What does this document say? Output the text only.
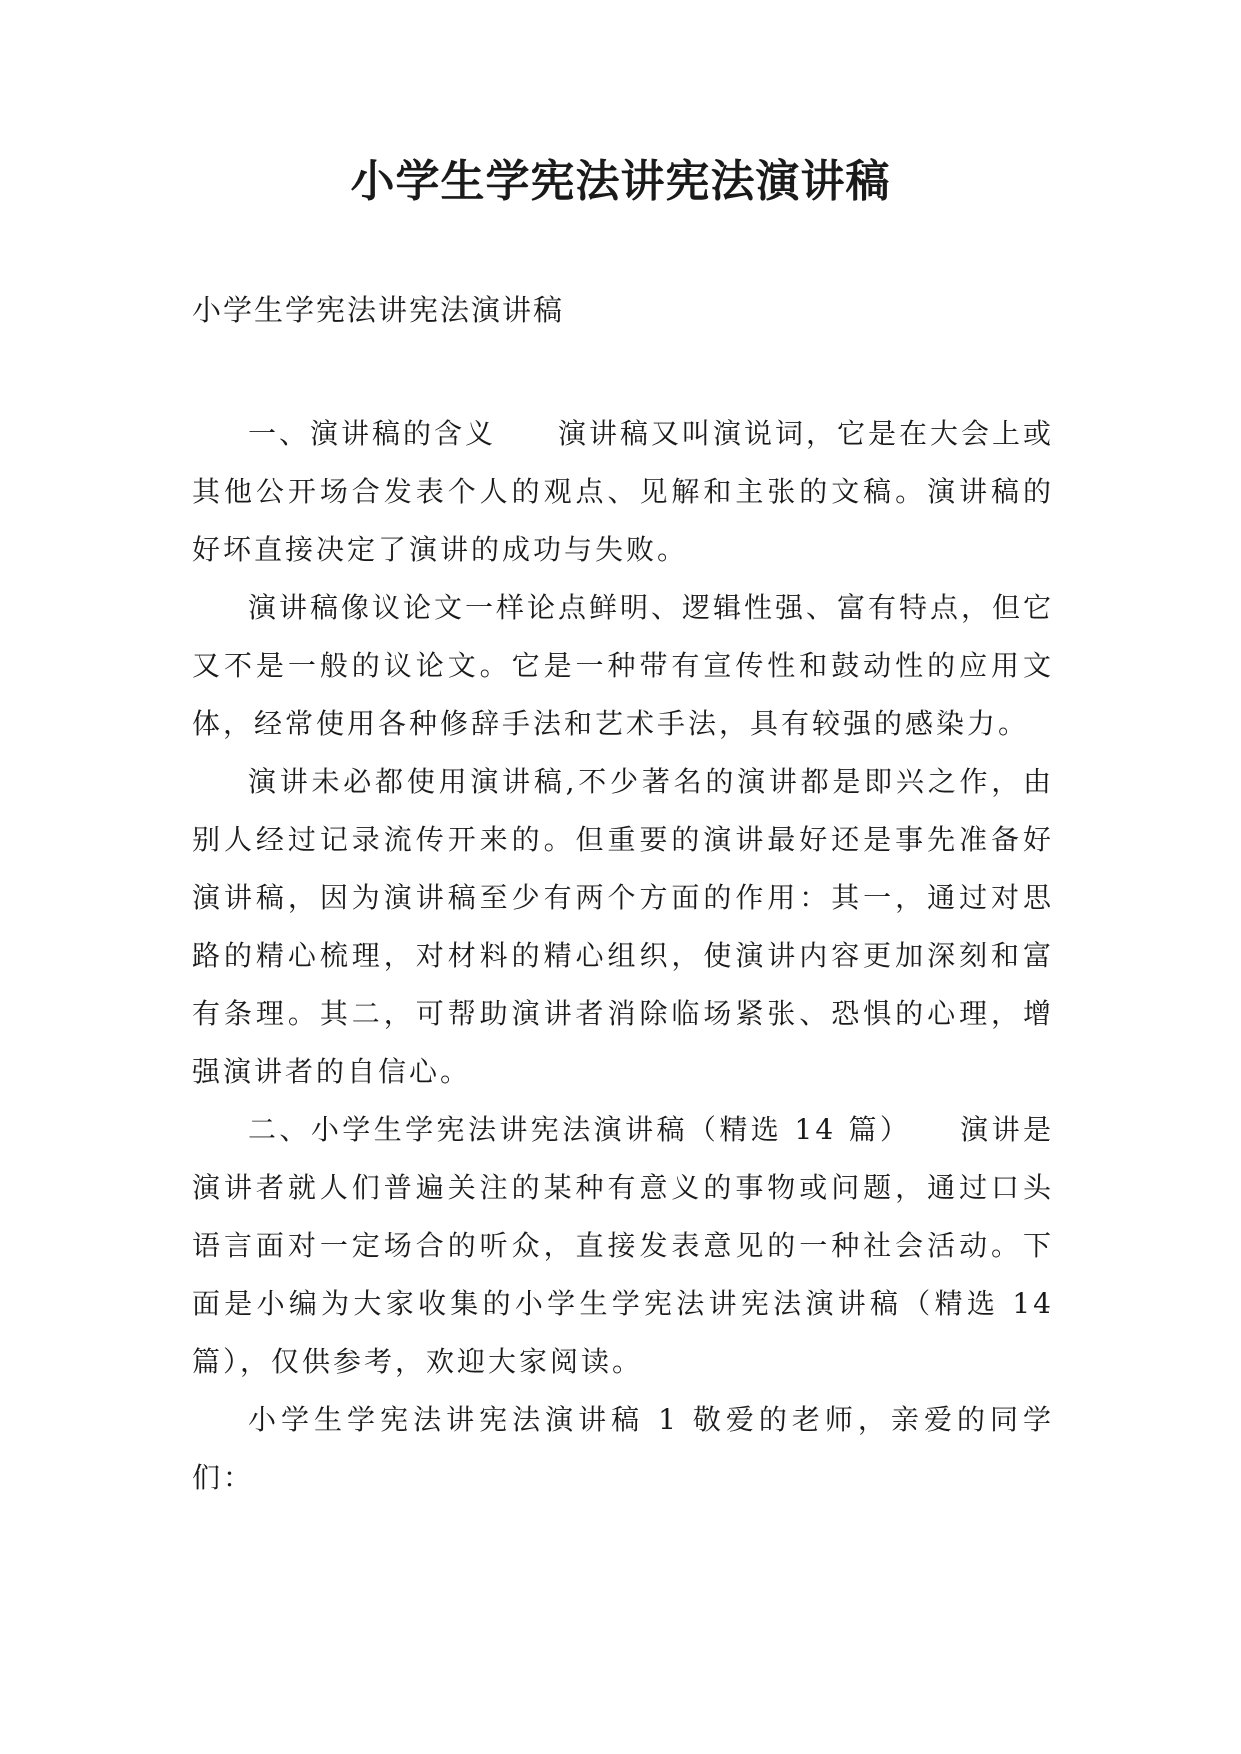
小学生学宪法讲宪法演讲稿

小学生学宪法讲宪法演讲稿

一、演讲稿的含义　　演讲稿又叫演说词，它是在大会上或其他公开场合发表个人的观点、见解和主张的文稿。演讲稿的好坏直接决定了演讲的成功与失败。

演讲稿像议论文一样论点鲜明、逻辑性强、富有特点，但它又不是一般的议论文。它是一种带有宣传性和鼓动性的应用文体，经常使用各种修辞手法和艺术手法，具有较强的感染力。

演讲未必都使用演讲稿,不少著名的演讲都是即兴之作，由别人经过记录流传开来的。但重要的演讲最好还是事先准备好演讲稿，因为演讲稿至少有两个方面的作用：其一，通过对思路的精心梳理，对材料的精心组织，使演讲内容更加深刻和富有条理。其二，可帮助演讲者消除临场紧张、恐惧的心理，增强演讲者的自信心。

二、小学生学宪法讲宪法演讲稿（精选 14 篇）　　演讲是演讲者就人们普遍关注的某种有意义的事物或问题，通过口头语言面对一定场合的听众，直接发表意见的一种社会活动。下面是小编为大家收集的小学生学宪法讲宪法演讲稿（精选 14 篇），仅供参考，欢迎大家阅读。

小学生学宪法讲宪法演讲稿 1 敬爱的老师，亲爱的同学们：
